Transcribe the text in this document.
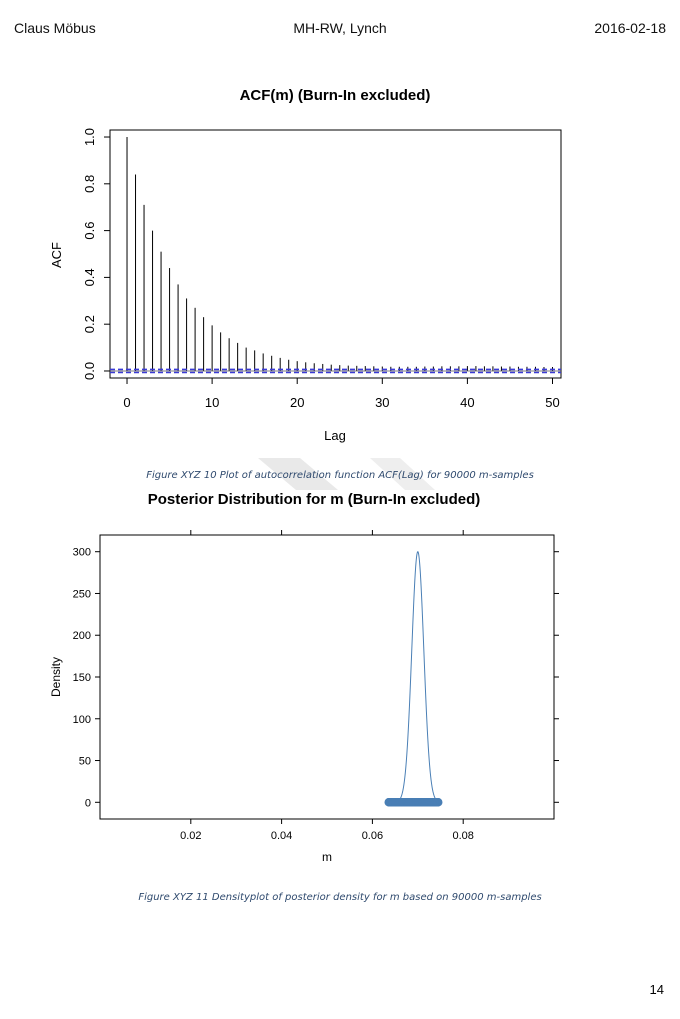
Claus Möbus	MH-RW, Lynch	2016-02-18
ACF(m) (Burn-In excluded)
0	10	20	30	40	50
0.0
0.2
0.4
0.6
0.8
1.0
Lag
ACF
Figure XYZ 10 Plot of autocorrelation function ACF(Lag) for 90000 m-samples
Posterior Distribution for m (Burn-In excluded)
0
50
100
150
200
250
300
0.02	0.04	0.06	0.08
m
Density
Figure XYZ 11 Densityplot of posterior density for m based on 90000 m-samples
14
